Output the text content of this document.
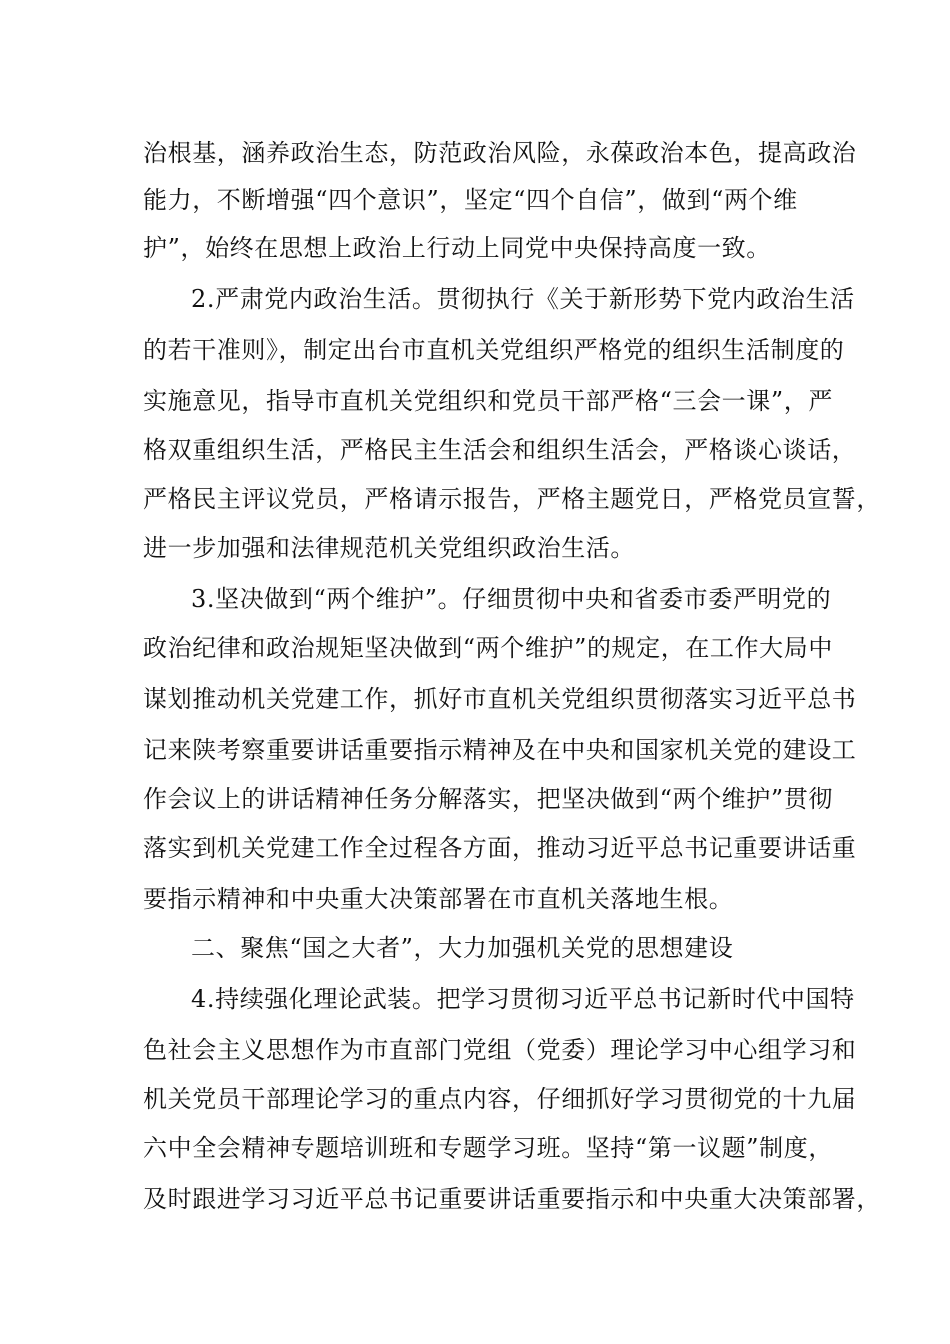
治根基，涵养政治生态，防范政治风险，永葆政治本色，提高政治
能力，不断增强“四个意识”，坚定“四个自信”，做到“两个维
护”，始终在思想上政治上行动上同党中央保持高度一致。
2.严肃党内政治生活。贯彻执行《关于新形势下党内政治生活
的若干准则》，制定出台市直机关党组织严格党的组织生活制度的
实施意见，指导市直机关党组织和党员干部严格“三会一课”，严
格双重组织生活，严格民主生活会和组织生活会，严格谈心谈话，
严格民主评议党员，严格请示报告，严格主题党日，严格党员宣誓，
进一步加强和法律规范机关党组织政治生活。
3.坚决做到“两个维护”。仔细贯彻中央和省委市委严明党的
政治纪律和政治规矩坚决做到“两个维护”的规定，在工作大局中
谋划推动机关党建工作，抓好市直机关党组织贯彻落实习近平总书
记来陕考察重要讲话重要指示精神及在中央和国家机关党的建设工
作会议上的讲话精神任务分解落实，把坚决做到“两个维护”贯彻
落实到机关党建工作全过程各方面，推动习近平总书记重要讲话重
要指示精神和中央重大决策部署在市直机关落地生根。
二、聚焦“国之大者”，大力加强机关党的思想建设
4.持续强化理论武装。把学习贯彻习近平总书记新时代中国特
色社会主义思想作为市直部门党组（党委）理论学习中心组学习和
机关党员干部理论学习的重点内容，仔细抓好学习贯彻党的十九届
六中全会精神专题培训班和专题学习班。坚持“第一议题”制度，
及时跟进学习习近平总书记重要讲话重要指示和中央重大决策部署，
